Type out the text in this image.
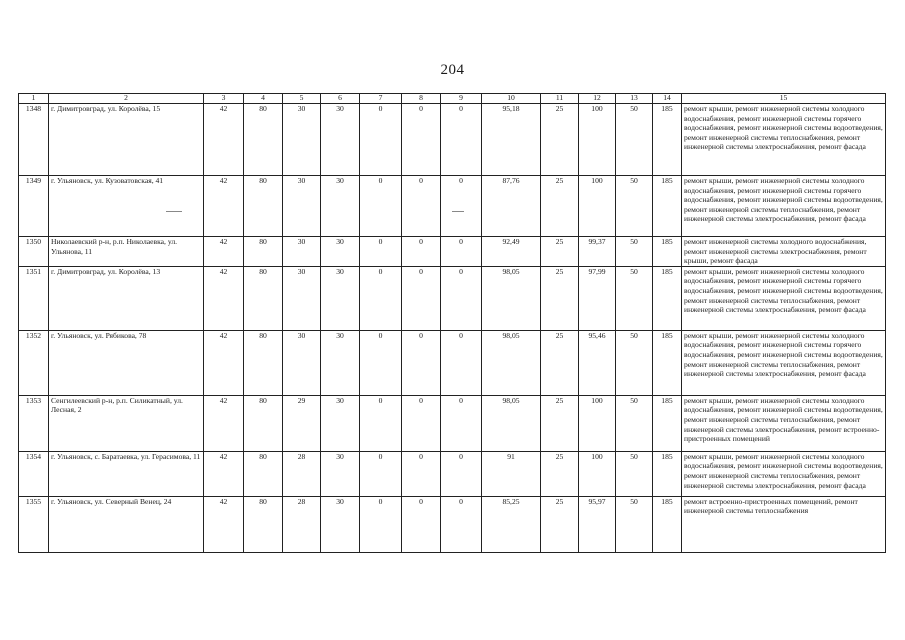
204
1	2	3	4	5	6	7	8	9	10	11	12	13	14	15
1348	г. Димитровград, ул. Королёва, 15	42	80	30	30	0	0	0	95,18	25	100	50	185	ремонт крыши, ремонт инженерной системы холодного водоснабжения, ремонт инженерной системы горячего водоснабжения, ремонт инженерной системы водоотведения, ремонт инженерной системы теплоснабжения, ремонт инженерной системы электроснабжения, ремонт фасада
1349	г. Ульяновск, ул. Кузоватовская, 41	42	80	30	30	0	0	0	87,76	25	100	50	185	ремонт крыши, ремонт инженерной системы холодного водоснабжения, ремонт инженерной системы горячего водоснабжения, ремонт инженерной системы водоотведения, ремонт инженерной системы теплоснабжения, ремонт инженерной системы электроснабжения, ремонт фасада
1350	Николаевский р-н, р.п. Николаевка, ул. Ульянова, 11	42	80	30	30	0	0	0	92,49	25	99,37	50	185	ремонт инженерной системы холодного водоснабжения, ремонт инженерной системы электроснабжения, ремонт крыши, ремонт фасада
1351	г. Димитровград, ул. Королёва, 13	42	80	30	30	0	0	0	98,05	25	97,99	50	185	ремонт крыши, ремонт инженерной системы холодного водоснабжения, ремонт инженерной системы горячего водоснабжения, ремонт инженерной системы водоотведения, ремонт инженерной системы теплоснабжения, ремонт инженерной системы электроснабжения, ремонт фасада
1352	г. Ульяновск, ул. Рябикова, 78	42	80	30	30	0	0	0	98,05	25	95,46	50	185	ремонт крыши, ремонт инженерной системы холодного водоснабжения, ремонт инженерной системы горячего водоснабжения, ремонт инженерной системы водоотведения, ремонт инженерной системы теплоснабжения, ремонт инженерной системы электроснабжения, ремонт фасада
1353	Сенгилеевский р-н, р.п. Силикатный, ул. Лесная, 2	42	80	29	30	0	0	0	98,05	25	100	50	185	ремонт крыши, ремонт инженерной системы холодного водоснабжения, ремонт инженерной системы водоотведения, ремонт инженерной системы теплоснабжения, ремонт инженерной системы электроснабжения, ремонт встроенно-пристроенных помещений
1354	г. Ульяновск, с. Баратаевка, ул. Герасимова, 11	42	80	28	30	0	0	0	91	25	100	50	185	ремонт крыши, ремонт инженерной системы холодного водоснабжения, ремонт инженерной системы водоотведения, ремонт инженерной системы теплоснабжения, ремонт инженерной системы электроснабжения, ремонт фасада
1355	г. Ульяновск, ул. Северный Венец, 24	42	80	28	30	0	0	0	85,25	25	95,97	50	185	ремонт встроенно-пристроенных помещений, ремонт инженерной системы теплоснабжения
